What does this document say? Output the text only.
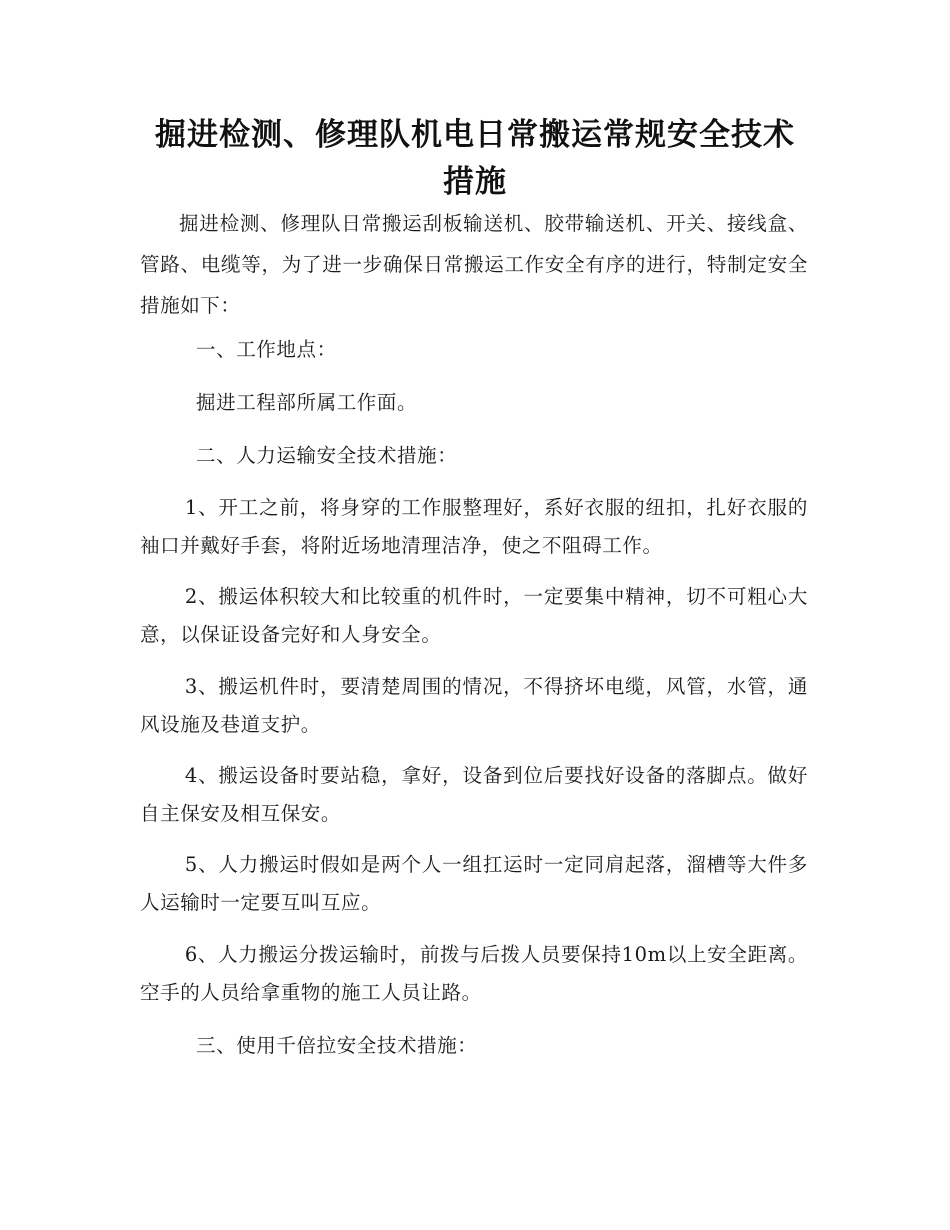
掘进检测、修理队机电日常搬运常规安全技术措施
掘进检测、修理队日常搬运刮板输送机、胶带输送机、开关、接线盒、管路、电缆等，为了进一步确保日常搬运工作安全有序的进行，特制定安全措施如下：
一、工作地点：
掘进工程部所属工作面。
二、人力运输安全技术措施：
1、开工之前，将身穿的工作服整理好，系好衣服的纽扣，扎好衣服的袖口并戴好手套，将附近场地清理洁净，使之不阻碍工作。
2、搬运体积较大和比较重的机件时，一定要集中精神，切不可粗心大意，以保证设备完好和人身安全。
3、搬运机件时，要清楚周围的情况，不得挤坏电缆，风管，水管，通风设施及巷道支护。
4、搬运设备时要站稳，拿好，设备到位后要找好设备的落脚点。做好自主保安及相互保安。
5、人力搬运时假如是两个人一组扛运时一定同肩起落，溜槽等大件多人运输时一定要互叫互应。
6、人力搬运分拨运输时，前拨与后拨人员要保持10m以上安全距离。空手的人员给拿重物的施工人员让路。
三、使用千倍拉安全技术措施：
